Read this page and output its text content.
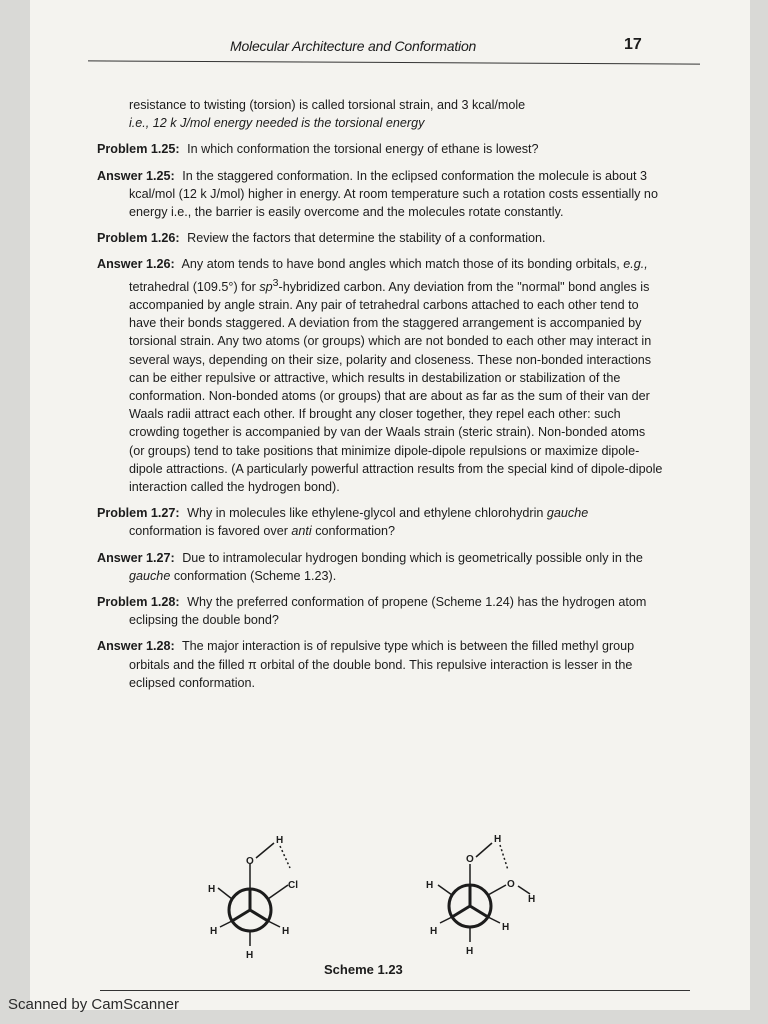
Molecular Architecture and Conformation	17
resistance to twisting (torsion) is called torsional strain, and 3 kcal/mole
i.e., 12 k J/mol energy needed is the torsional energy
Problem 1.25: In which conformation the torsional energy of ethane is lowest?
Answer 1.25: In the staggered conformation. In the eclipsed conformation the molecule is about 3 kcal/mol (12 k J/mol) higher in energy. At room temperature such a rotation costs essentially no energy i.e., the barrier is easily overcome and the molecules rotate constantly.
Problem 1.26: Review the factors that determine the stability of a conformation.
Answer 1.26: Any atom tends to have bond angles which match those of its bonding orbitals, e.g., tetrahedral (109.5°) for $sp^3$-hybridized carbon. Any deviation from the "normal" bond angles is accompanied by angle strain. Any pair of tetrahedral carbons attached to each other tend to have their bonds staggered. A deviation from the staggered arrangement is accompanied by torsional strain. Any two atoms (or groups) which are not bonded to each other may interact in several ways, depending on their size, polarity and closeness. These non-bonded interactions can be either repulsive or attractive, which results in destabilization or stabilization of the conformation. Non-bonded atoms (or groups) that are about as far as the sum of their van der Waals radii attract each other. If brought any closer together, they repel each other: such crowding together is accompanied by van der Waals strain (steric strain). Non-bonded atoms (or groups) tend to take positions that minimize dipole-dipole repulsions or maximize dipole-dipole attractions. (A particularly powerful attraction results from the special kind of dipole-dipole interaction called the hydrogen bond).
Problem 1.27: Why in molecules like ethylene-glycol and ethylene chlorohydrin gauche conformation is favored over anti conformation?
Answer 1.27: Due to intramolecular hydrogen bonding which is geometrically possible only in the gauche conformation (Scheme 1.23).
Problem 1.28: Why the preferred conformation of propene (Scheme 1.24) has the hydrogen atom eclipsing the double bond?
Answer 1.28: The major interaction is of repulsive type which is between the filled methyl group orbitals and the filled π orbital of the double bond. This repulsive interaction is lesser in the eclipsed conformation.
H
O
Cl
H
H	H
H
H
O
O
H
H
H	H
H
Scheme 1.23
Scanned by CamScanner
